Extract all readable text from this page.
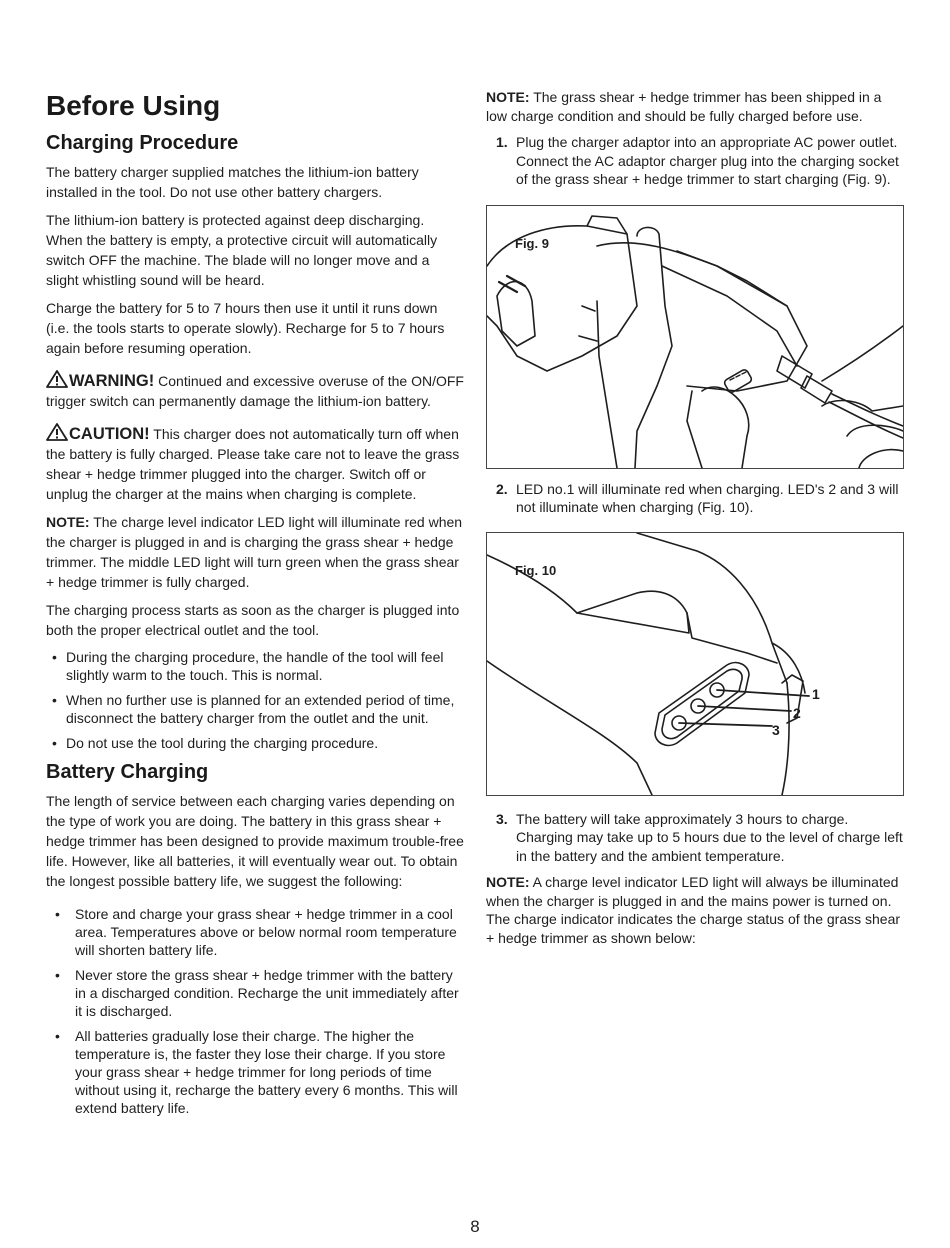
Before Using
Charging Procedure

The battery charger supplied matches the lithium-ion battery installed in the tool. Do not use other battery chargers.

The lithium-ion battery is protected against deep discharging. When the battery is empty, a protective circuit will automatically switch OFF the machine. The blade will no longer move and a slight whistling sound will be heard.

Charge the battery for 5 to 7 hours then use it until it runs down (i.e. the tools starts to operate slowly). Recharge for 5 to 7 hours again before resuming operation.

WARNING! Continued and excessive overuse of the ON/OFF trigger switch can permanently damage the lithium-ion battery.

CAUTION! This charger does not automatically turn off when the battery is fully charged. Please take care not to leave the grass shear + hedge trimmer plugged into the charger. Switch off or unplug the charger at the mains when charging is complete.

NOTE: The charge level indicator LED light will illuminate red when the charger is plugged in and is charging the grass shear + hedge trimmer. The middle LED light will turn green when the grass shear + hedge trimmer is fully charged.

The charging process starts as soon as the charger is plugged into both the proper electrical outlet and the tool.

• During the charging procedure, the handle of the tool will feel slightly warm to the touch. This is normal.
• When no further use is planned for an extended period of time, disconnect the battery charger from the outlet and the unit.
• Do not use the tool during the charging procedure.
Battery Charging

The length of service between each charging varies depending on the type of work you are doing. The battery in this grass shear + hedge trimmer has been designed to provide maximum trouble-free life. However, like all batteries, it will eventually wear out. To obtain the longest possible battery life, we suggest the following:

• Store and charge your grass shear + hedge trimmer in a cool area. Temperatures above or below normal room temperature will shorten battery life.
• Never store the grass shear + hedge trimmer with the battery in a discharged condition. Recharge the unit immediately after it is discharged.
• All batteries gradually lose their charge. The higher the temperature is, the faster they lose their charge. If you store your grass shear + hedge trimmer for long periods of time without using it, recharge the battery every 6 months. This will extend battery life.

NOTE: The grass shear + hedge trimmer has been shipped in a low charge condition and should be fully charged before use.

1. Plug the charger adaptor into an appropriate AC power outlet. Connect the AC adaptor charger plug into the charging socket of the grass shear + hedge trimmer to start charging (Fig. 9).
Fig. 9
2. LED no.1 will illuminate red when charging. LED's 2 and 3 will not illuminate when charging (Fig. 10).
Fig. 10
1
2
3
3. The battery will take approximately 3 hours to charge. Charging may take up to 5 hours due to the level of charge left in the battery and the ambient temperature.

NOTE: A charge level indicator LED light will always be illuminated when the charger is plugged in and the mains power is turned on. The charge indicator indicates the charge status of the grass shear + hedge trimmer as shown below:

8
